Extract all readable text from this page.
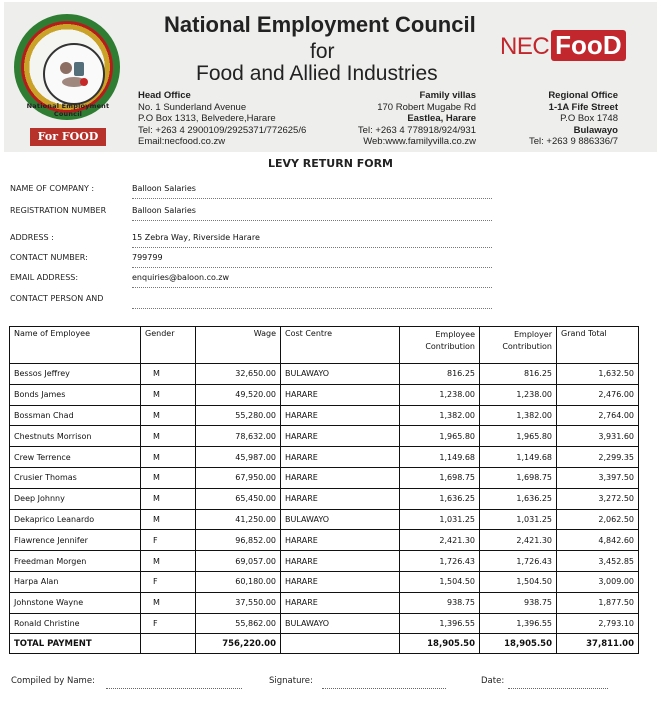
National Employment Council
For FOOD
National Employment Council
for
Food and Allied Industries
NEC FooD
Head Office
No. 1 Sunderland Avenue
P.O Box 1313, Belvedere,Harare
Tel: +263 4 2900109/2925371/772625/6
Email:necfood.co.zw
Family villas
170 Robert Mugabe Rd
Eastlea, Harare
Tel: +263 4 778918/924/931
Web:www.familyvilla.co.zw
Regional Office
1-1A Fife Street
P.O Box 1748
Bulawayo
Tel: +263 9 886336/7
LEVY RETURN FORM
NAME OF COMPANY :	Balloon Salaries
REGISTRATION NUMBER	Balloon Salaries
ADDRESS :	15 Zebra Way, Riverside Harare
CONTACT NUMBER:	799799
EMAIL ADDRESS:	enquiries@baloon.co.zw
CONTACT PERSON AND
Name of Employee	Gender	Wage	Cost Centre	Employee Contribution	Employer Contribution	Grand Total
Bessos Jeffrey	M	32,650.00	BULAWAYO	816.25	816.25	1,632.50
Bonds James	M	49,520.00	HARARE	1,238.00	1,238.00	2,476.00
Bossman Chad	M	55,280.00	HARARE	1,382.00	1,382.00	2,764.00
Chestnuts Morrison	M	78,632.00	HARARE	1,965.80	1,965.80	3,931.60
Crew Terrence	M	45,987.00	HARARE	1,149.68	1,149.68	2,299.35
Crusier Thomas	M	67,950.00	HARARE	1,698.75	1,698.75	3,397.50
Deep Johnny	M	65,450.00	HARARE	1,636.25	1,636.25	3,272.50
Dekaprico Leanardo	M	41,250.00	BULAWAYO	1,031.25	1,031.25	2,062.50
Flawrence Jennifer	F	96,852.00	HARARE	2,421.30	2,421.30	4,842.60
Freedman Morgen	M	69,057.00	HARARE	1,726.43	1,726.43	3,452.85
Harpa Alan	F	60,180.00	HARARE	1,504.50	1,504.50	3,009.00
Johnstone Wayne	M	37,550.00	HARARE	938.75	938.75	1,877.50
Ronald Christine	F	55,862.00	BULAWAYO	1,396.55	1,396.55	2,793.10
TOTAL PAYMENT		756,220.00		18,905.50	18,905.50	37,811.00
Compiled by Name:	Signature:	Date:
